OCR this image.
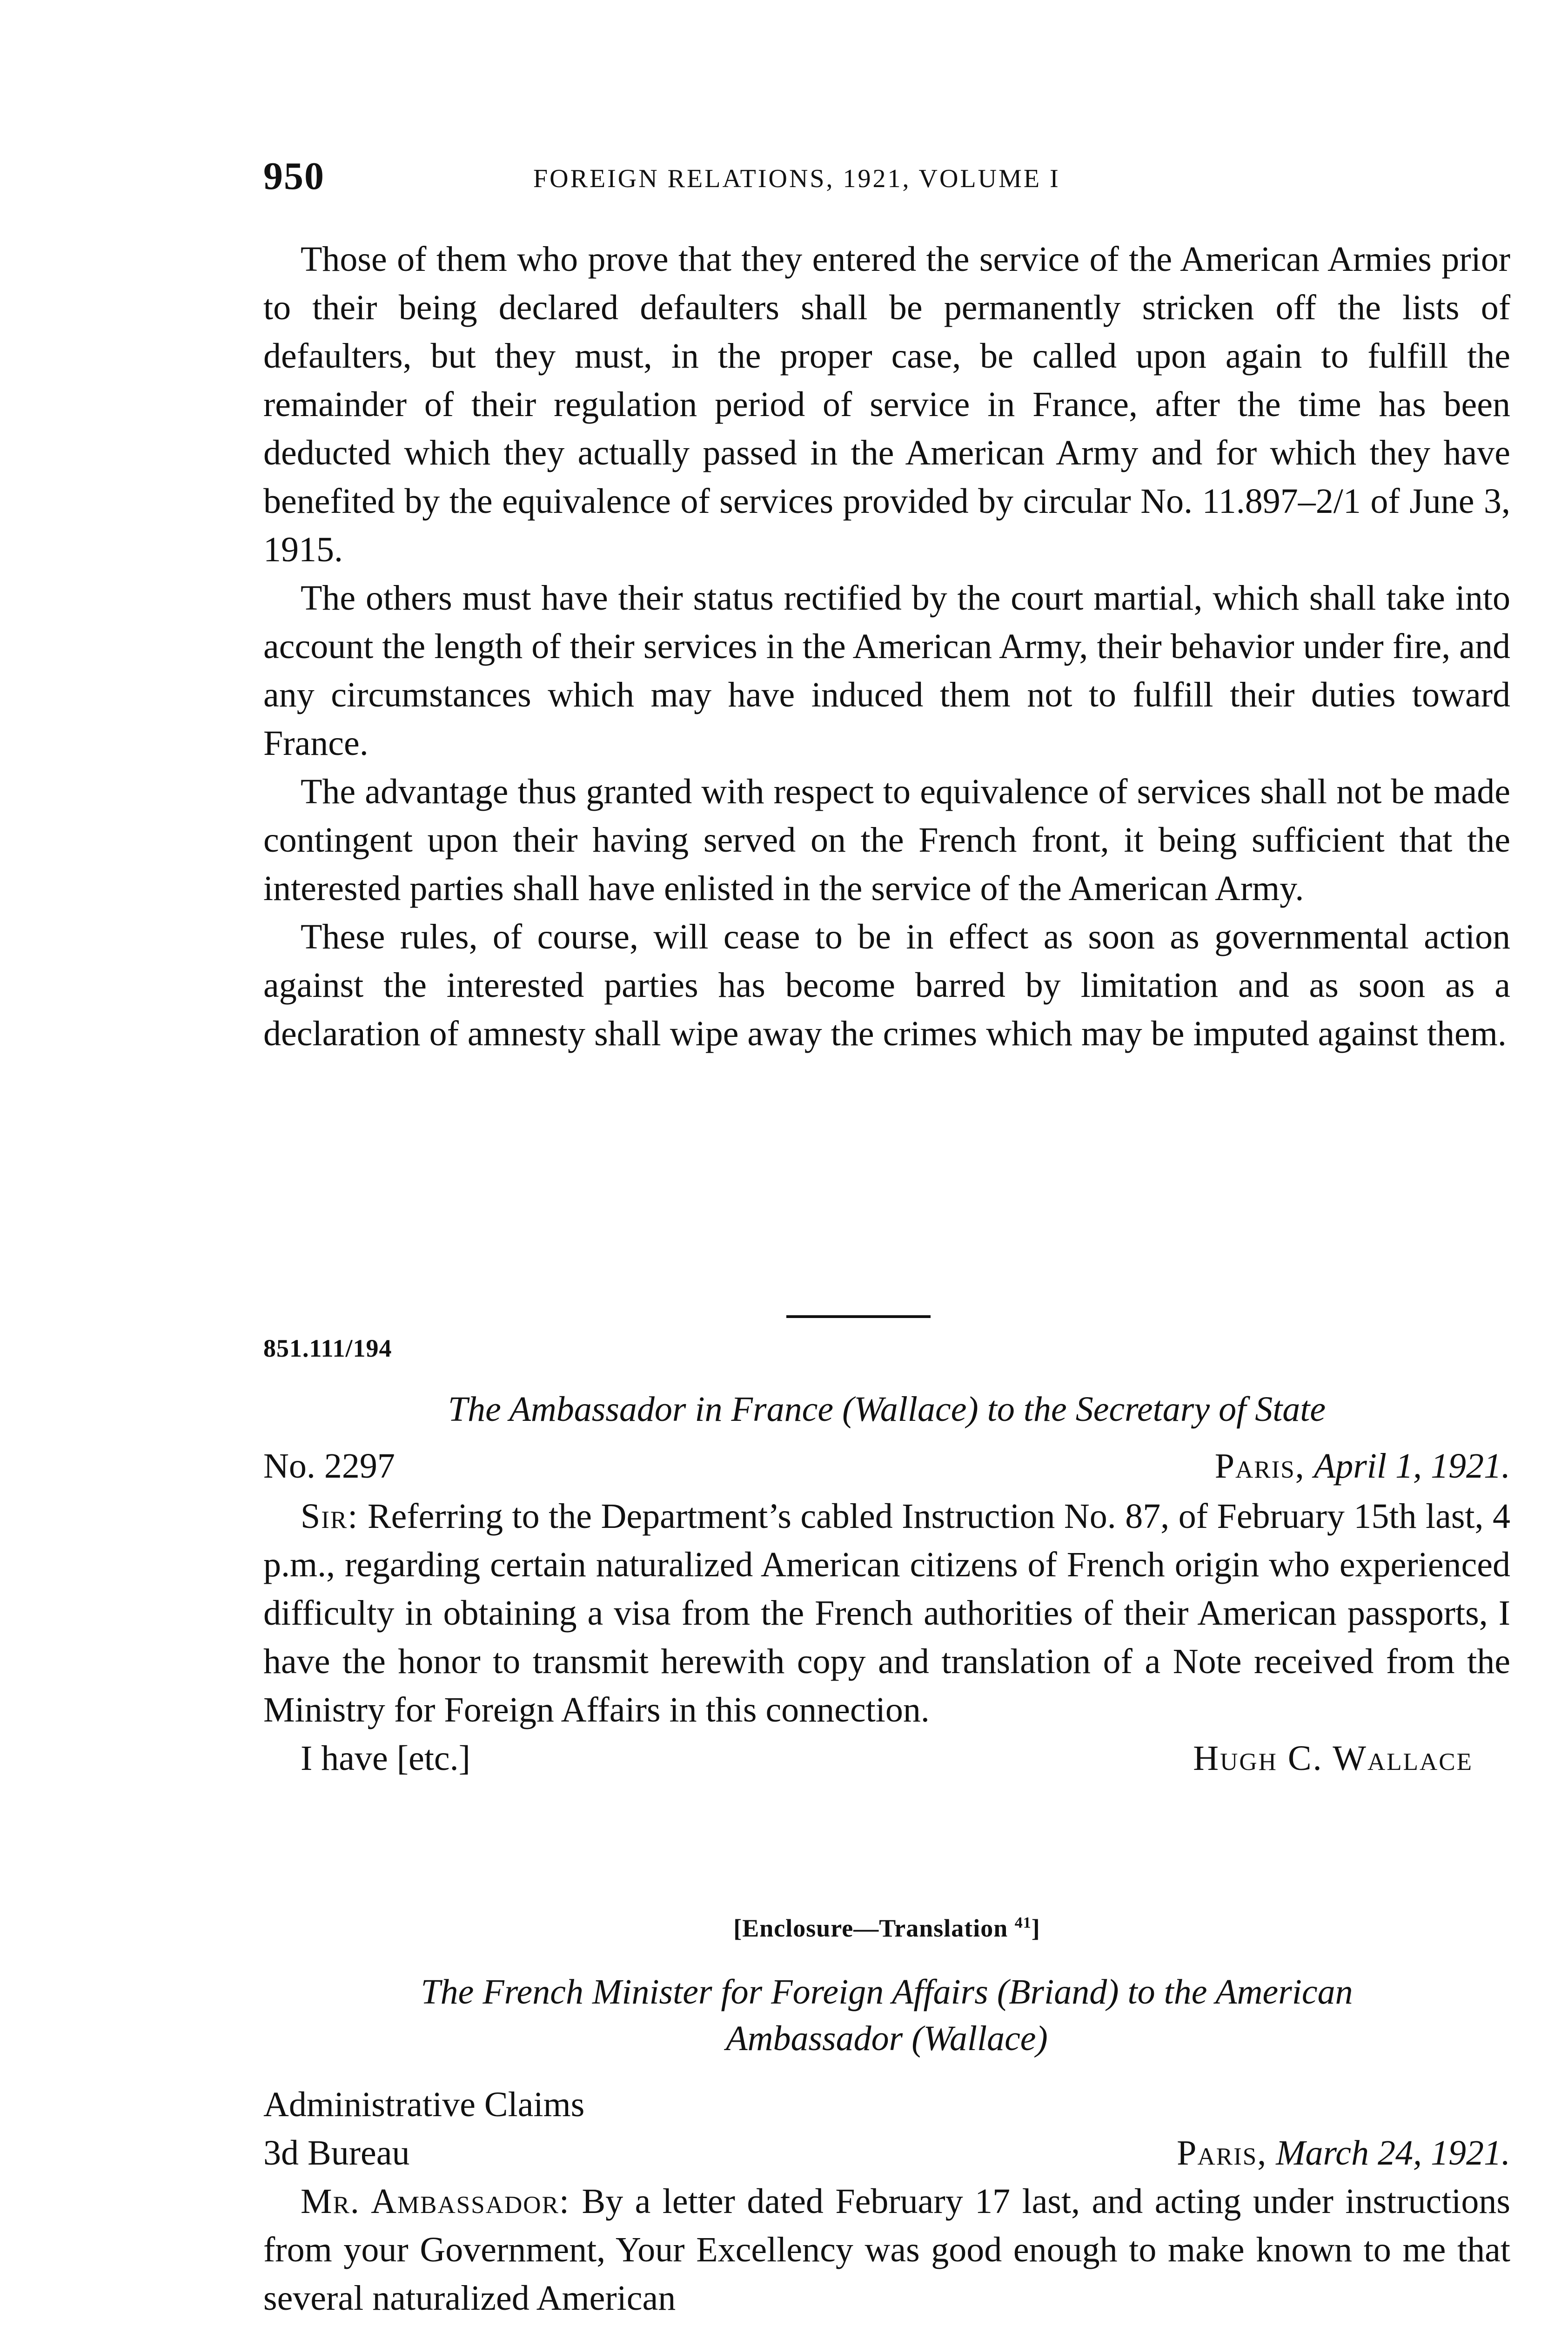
950	FOREIGN RELATIONS, 1921, VOLUME I

Those of them who prove that they entered the service of the American Armies prior to their being declared defaulters shall be permanently stricken off the lists of defaulters, but they must, in the proper case, be called upon again to fulfill the remainder of their regulation period of service in France, after the time has been deducted which they actually passed in the American Army and for which they have benefited by the equivalence of services provided by circular No. 11.897–2/1 of June 3, 1915.

The others must have their status rectified by the court martial, which shall take into account the length of their services in the American Army, their behavior under fire, and any circumstances which may have induced them not to fulfill their duties toward France.

The advantage thus granted with respect to equivalence of services shall not be made contingent upon their having served on the French front, it being sufficient that the interested parties shall have enlisted in the service of the American Army.

These rules, of course, will cease to be in effect as soon as governmental action against the interested parties has become barred by limitation and as soon as a declaration of amnesty shall wipe away the crimes which may be imputed against them.

851.111/194
The Ambassador in France (Wallace) to the Secretary of State
No. 2297	Paris, April 1, 1921.

Sir: Referring to the Department’s cabled Instruction No. 87, of February 15th last, 4 p.m., regarding certain naturalized American citizens of French origin who experienced difficulty in obtaining a visa from the French authorities of their American passports, I have the honor to transmit herewith copy and translation of a Note received from the Ministry for Foreign Affairs in this connection.

I have [etc.]	Hugh C. Wallace
[Enclosure—Translation $^{41}$]
The French Minister for Foreign Affairs (Briand) to the American
Ambassador (Wallace)
Administrative Claims
3d Bureau	Paris, March 24, 1921.

Mr. Ambassador: By a letter dated February 17 last, and acting under instructions from your Government, Your Excellency was good enough to make known to me that several naturalized American
